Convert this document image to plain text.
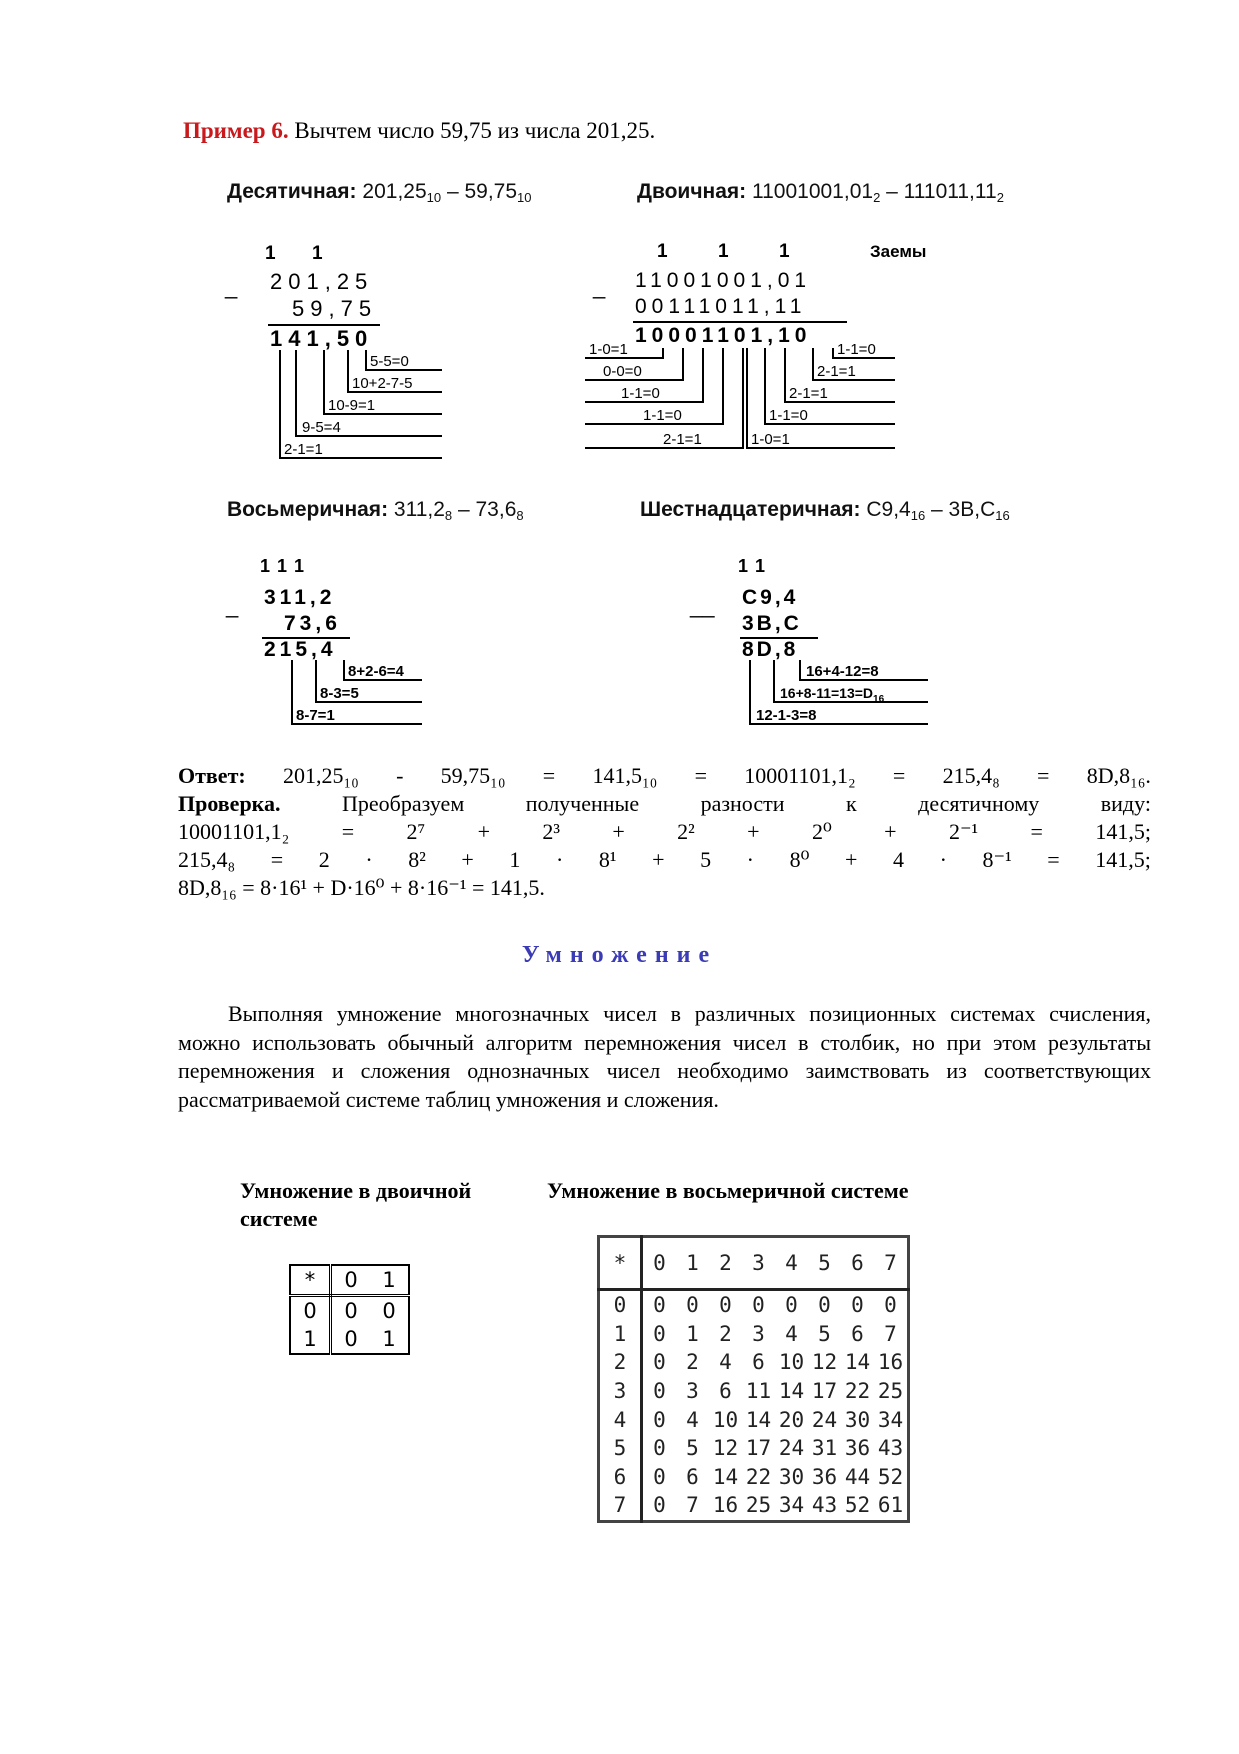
Пример 6. Вычтем число 59,75 из числа 201,25.
Десятичная: $201,25_{10} - 59,75_{10}$	Двоичная: $11001001,01_2 - 111011,11_2$
Восьмеричная: $311,2_8 - 73,6_8$	Шестнадцатеричная: $C9,4_{16} - 3B,C_{16}$
1 1
_ 201,25
59,75
141,50
5-5=0
10+2-7-5
10-9=1
9-5=4
2-1=1
1	1	1	Заемы
_ 11001001,01
00111011,11
10001101,10
1-0=1
0-0=0
1-1=0
1-1=0
2-1=1
1-1=0
2-1=1
2-1=1
1-1=0
1-0=1
1 1 1
_ 311,2
73,6
215,4
8+2-6=4
8-3=5
8-7=1
1 1
__ C9,4
3B,C
8D,8
16+4-12=8
$16+8-11=13=D_{16}$
12-1-3=8
Ответ: 201,25₁₀ - 59,75₁₀ = 141,5₁₀ = 10001101,1₂ = 215,4₈ = 8D,8₁₆.
Проверка.	Преобразуем	полученные	разности	к	десятичному	виду:
10001101,1₂ = 2⁷ + 2³ + 2² + 2⁰ + 2⁻¹ = 141,5;
215,4₈ = 2 · 8² + 1 · 8¹ + 5 · 8⁰ + 4 · 8⁻¹ = 141,5;
8D,8₁₆ = 8·16¹ + D·16⁰ + 8·16⁻¹ = 141,5.
Умножение
Выполняя умножение многозначных чисел в различных позиционных системах счисления, можно использовать обычный алгоритм перемножения чисел в столбик, но при этом результаты перемножения и сложения однозначных чисел необходимо заимствовать из соответствующих рассматриваемой системе таблиц умножения и сложения.
Умножение в двоичной системе
Умножение в восьмеричной системе
*	0	1
0	0	0
1	0	1
*	0	1	2	3	4	5	6	7
0	0	0	0	0	0	0	0	0
1	0	1	2	3	4	5	6	7
2	0	2	4	6	10	12	14	16
3	0	3	6	11	14	17	22	25
4	0	4	10	14	20	24	30	34
5	0	5	12	17	24	31	36	43
6	0	6	14	22	30	36	44	52
7	0	7	16	25	34	43	52	61
